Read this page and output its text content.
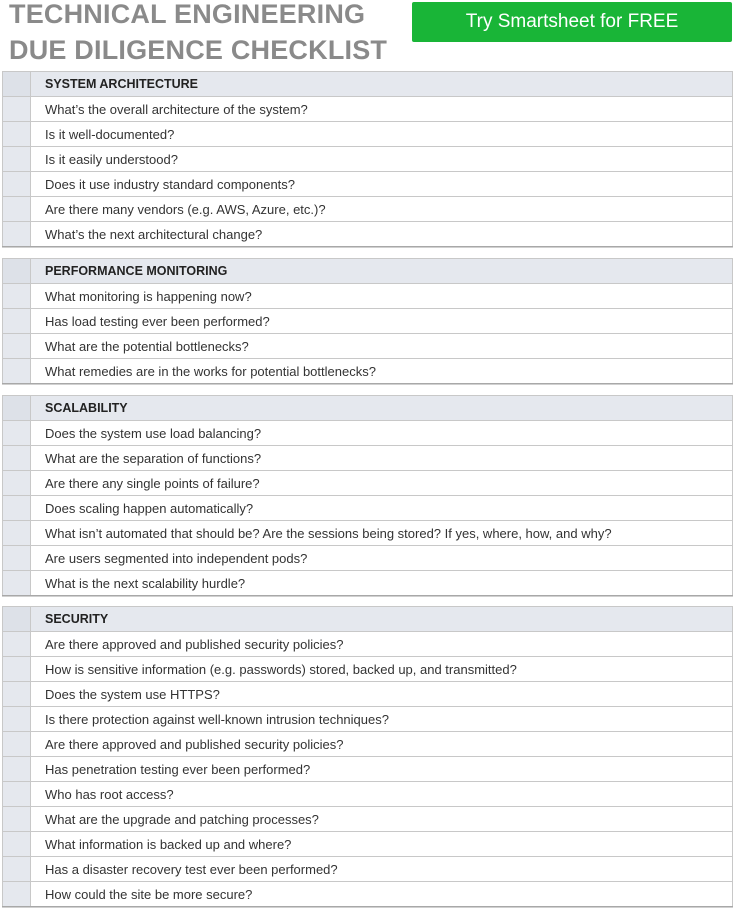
TECHNICAL ENGINEERING
DUE DILIGENCE CHECKLIST
Try Smartsheet for FREE
SYSTEM ARCHITECTURE
What’s the overall architecture of the system?
Is it well-documented?
Is it easily understood?
Does it use industry standard components?
Are there many vendors (e.g. AWS, Azure, etc.)?
What’s the next architectural change?
PERFORMANCE MONITORING
What monitoring is happening now?
Has load testing ever been performed?
What are the potential bottlenecks?
What remedies are in the works for potential bottlenecks?
SCALABILITY
Does the system use load balancing?
What are the separation of functions?
Are there any single points of failure?
Does scaling happen automatically?
What isn’t automated that should be? Are the sessions being stored? If yes, where, how, and why?
Are users segmented into independent pods?
What is the next scalability hurdle?
SECURITY
Are there approved and published security policies?
How is sensitive information (e.g. passwords) stored, backed up, and transmitted?
Does the system use HTTPS?
Is there protection against well-known intrusion techniques?
Are there approved and published security policies?
Has penetration testing ever been performed?
Who has root access?
What are the upgrade and patching processes?
What information is backed up and where?
Has a disaster recovery test ever been performed?
How could the site be more secure?
